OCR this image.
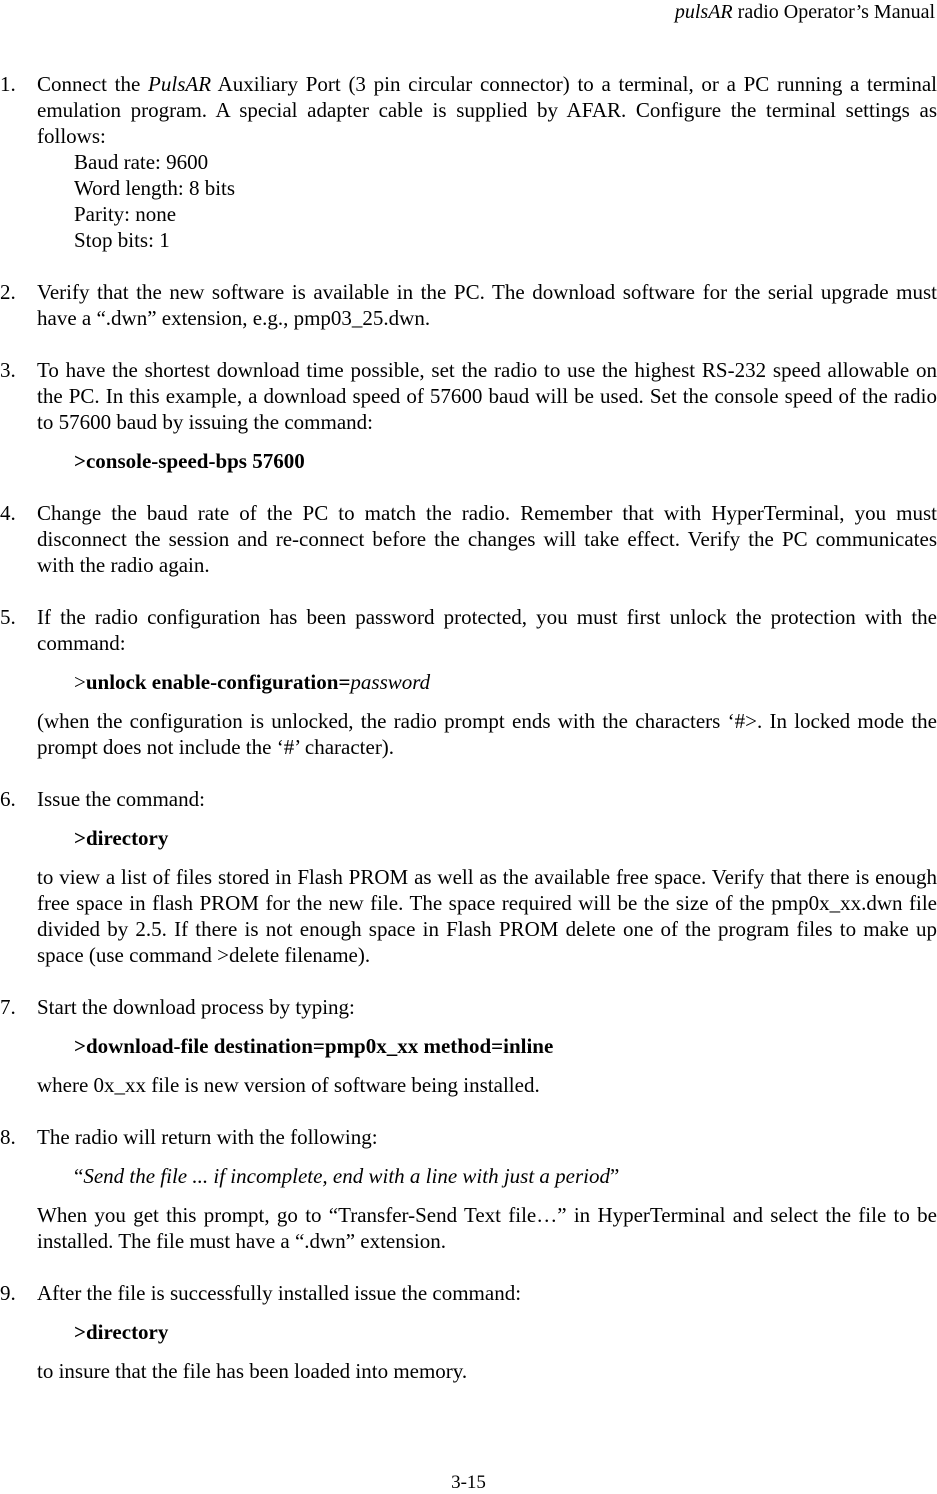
pulsAR radio Operator’s Manual
1. Connect the PulsAR Auxiliary Port (3 pin circular connector) to a terminal, or a PC running a terminal emulation program. A special adapter cable is supplied by AFAR. Configure the terminal settings as follows:
Baud rate: 9600
Word length: 8 bits
Parity: none
Stop bits: 1
2. Verify that the new software is available in the PC. The download software for the serial upgrade must have a “.dwn” extension, e.g., pmp03_25.dwn.
3. To have the shortest download time possible, set the radio to use the highest RS-232 speed allowable on the PC. In this example, a download speed of 57600 baud will be used. Set the console speed of the radio to 57600 baud by issuing the command:
>console-speed-bps 57600
4. Change the baud rate of the PC to match the radio. Remember that with HyperTerminal, you must disconnect the session and re-connect before the changes will take effect. Verify the PC communicates with the radio again.
5. If the radio configuration has been password protected, you must first unlock the protection with the command:
>unlock enable-configuration=password
(when the configuration is unlocked, the radio prompt ends with the characters ‘#>. In locked mode the prompt does not include the ‘#’ character).
6. Issue the command:
>directory
to view a list of files stored in Flash PROM as well as the available free space. Verify that there is enough free space in flash PROM for the new file. The space required will be the size of the pmp0x_xx.dwn file divided by 2.5. If there is not enough space in Flash PROM delete one of the program files to make up space (use command >delete filename).
7. Start the download process by typing:
>download-file destination=pmp0x_xx method=inline
where 0x_xx file is new version of software being installed.
8. The radio will return with the following:
“Send the file ... if incomplete, end with a line with just a period”
When you get this prompt, go to “Transfer-Send Text file…” in HyperTerminal and select the file to be installed. The file must have a “.dwn” extension.
9. After the file is successfully installed issue the command:
>directory
to insure that the file has been loaded into memory.
3-15
